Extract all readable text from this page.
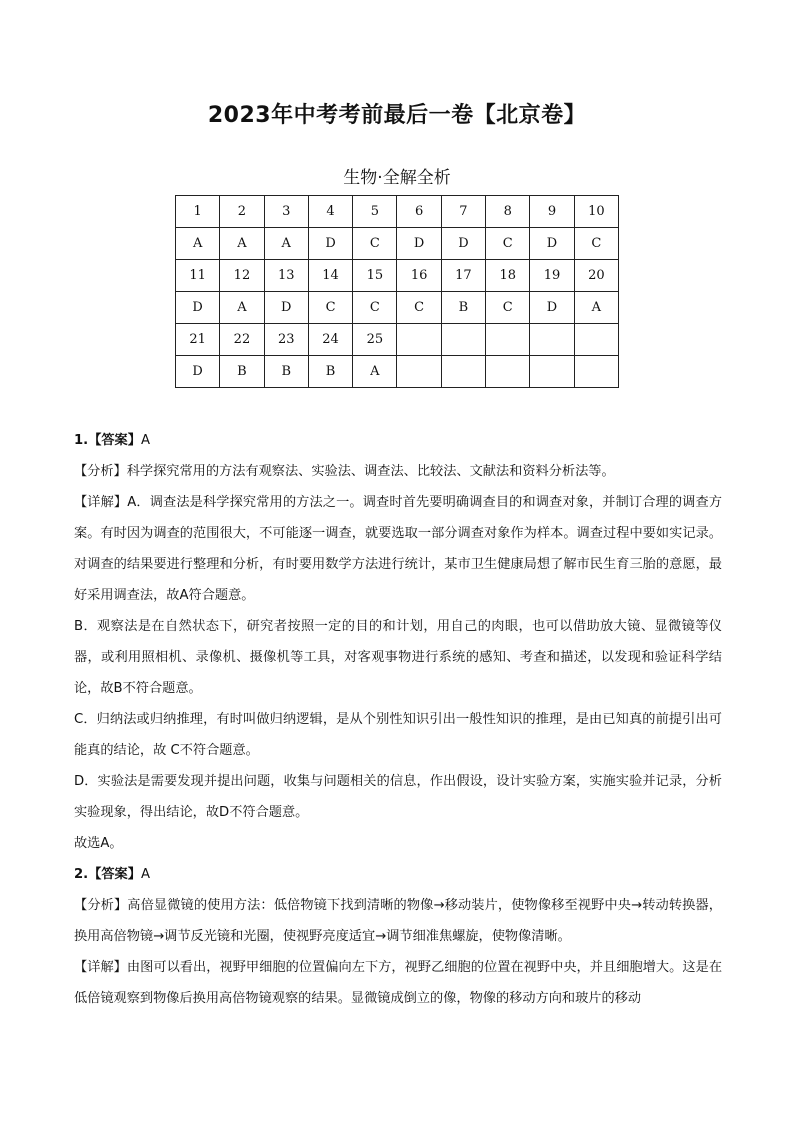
2023年中考考前最后一卷【北京卷】
生物·全解全析
1	2	3	4	5	6	7	8	9	10
A	A	A	D	C	D	D	C	D	C
11	12	13	14	15	16	17	18	19	20
D	A	D	C	C	C	B	C	D	A
21	22	23	24	25					
D	B	B	B	A					

1.【答案】A

【分析】科学探究常用的方法有观察法、实验法、调查法、比较法、文献法和资料分析法等。

【详解】A．调查法是科学探究常用的方法之一。调查时首先要明确调查目的和调查对象，并制订合理的调查方案。有时因为调查的范围很大，不可能逐一调查，就要选取一部分调查对象作为样本。调查过程中要如实记录。对调查的结果要进行整理和分析，有时要用数学方法进行统计，某市卫生健康局想了解市民生育三胎的意愿，最好采用调查法，故A符合题意。

B．观察法是在自然状态下，研究者按照一定的目的和计划，用自己的肉眼，也可以借助放大镜、显微镜等仪器，或利用照相机、录像机、摄像机等工具，对客观事物进行系统的感知、考查和描述，以发现和验证科学结论，故B不符合题意。

C．归纳法或归纳推理，有时叫做归纳逻辑，是从个别性知识引出一般性知识的推理，是由已知真的前提引出可能真的结论，故 C不符合题意。

D．实验法是需要发现并提出问题，收集与问题相关的信息，作出假设，设计实验方案，实施实验并记录，分析实验现象，得出结论，故D不符合题意。

故选A。

2.【答案】A

【分析】高倍显微镜的使用方法：低倍物镜下找到清晰的物像→移动装片，使物像移至视野中央→转动转换器，换用高倍物镜→调节反光镜和光圈，使视野亮度适宜→调节细准焦螺旋，使物像清晰。

【详解】由图可以看出，视野甲细胞的位置偏向左下方，视野乙细胞的位置在视野中央，并且细胞增大。这是在低倍镜观察到物像后换用高倍物镜观察的结果。显微镜成倒立的像，物像的移动方向和玻片的移动
